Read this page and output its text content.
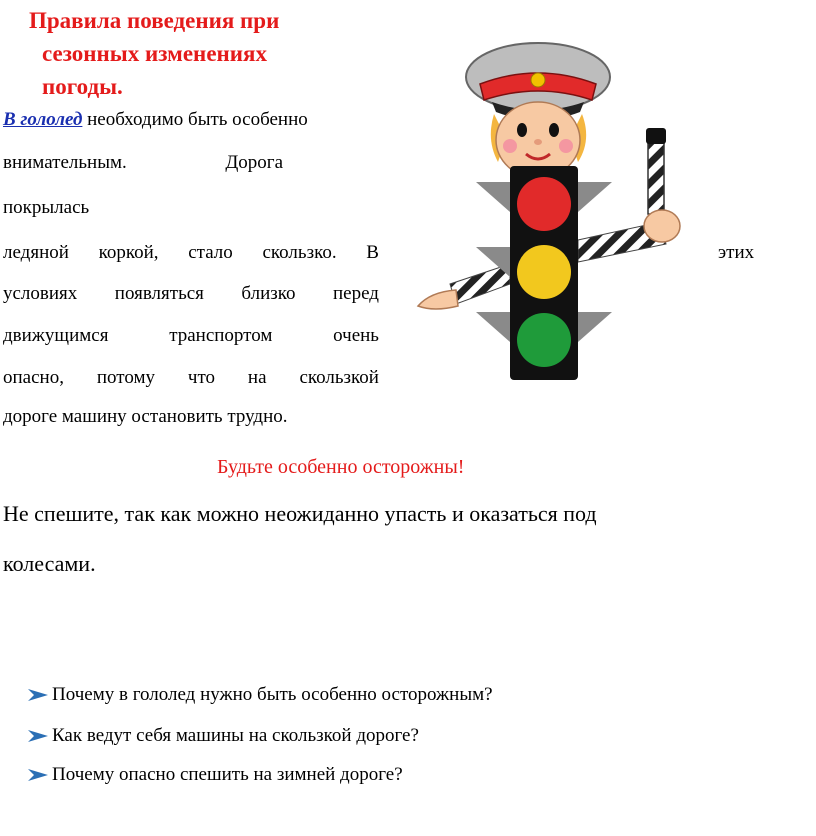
Правила поведения при
сезонных изменениях
погоды.
В гололед необходимо быть особенно
внимательным.	Дорога
покрылась
ледяной коркой, стало скользко. В	этих
условиях появляться близко перед
движущимся	транспортом	очень
опасно, потому что на скользкой
дороге машину остановить трудно.
Будьте особенно осторожны!
Не спешите, так как можно неожиданно упасть и оказаться под
колесами.
Почему в гололед нужно быть особенно осторожным?
Как ведут себя машины на скользкой дороге?
Почему опасно спешить на зимней дороге?
